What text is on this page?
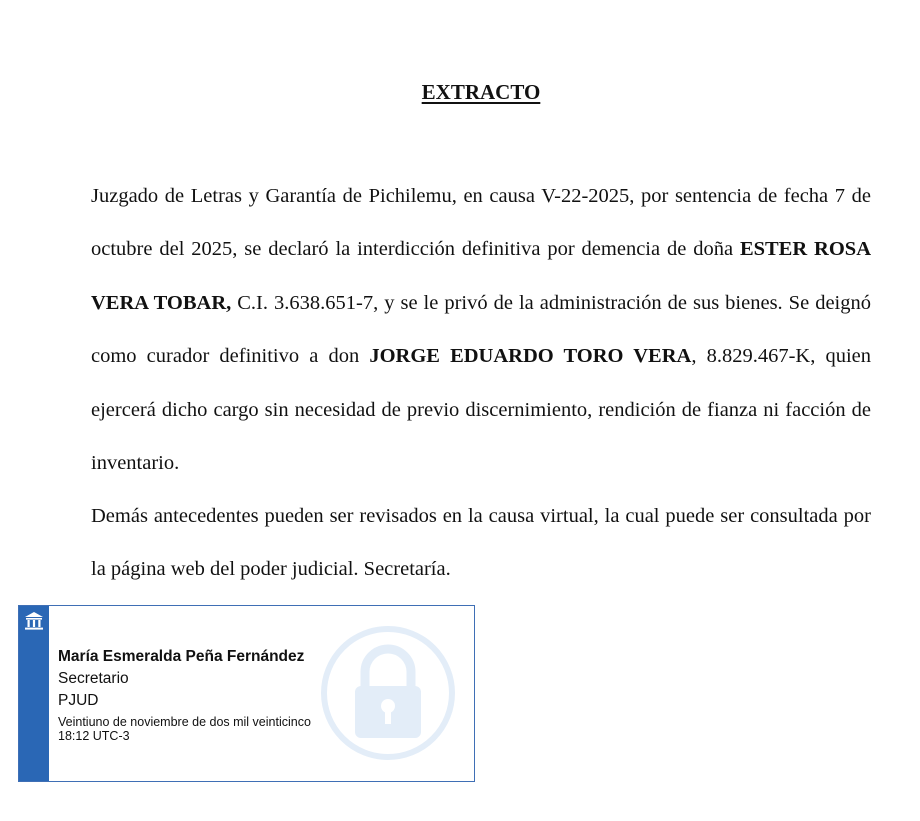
EXTRACTO

Juzgado de Letras y Garantía de Pichilemu, en causa V-22-2025, por sentencia de fecha 7 de octubre del 2025, se declaró la interdicción definitiva por demencia de doña ESTER ROSA VERA TOBAR, C.I. 3.638.651-7, y se le privó de la administración de sus bienes. Se deignó como curador definitivo a don JORGE EDUARDO TORO VERA, 8.829.467-K, quien ejercerá dicho cargo sin necesidad de previo discernimiento, rendición de fianza ni facción de inventario.

Demás antecedentes pueden ser revisados en la causa virtual, la cual puede ser consultada por la página web del poder judicial. Secretaría.

María Esmeralda Peña Fernández
Secretario
PJUD
Veintiuno de noviembre de dos mil veinticinco
18:12 UTC-3
